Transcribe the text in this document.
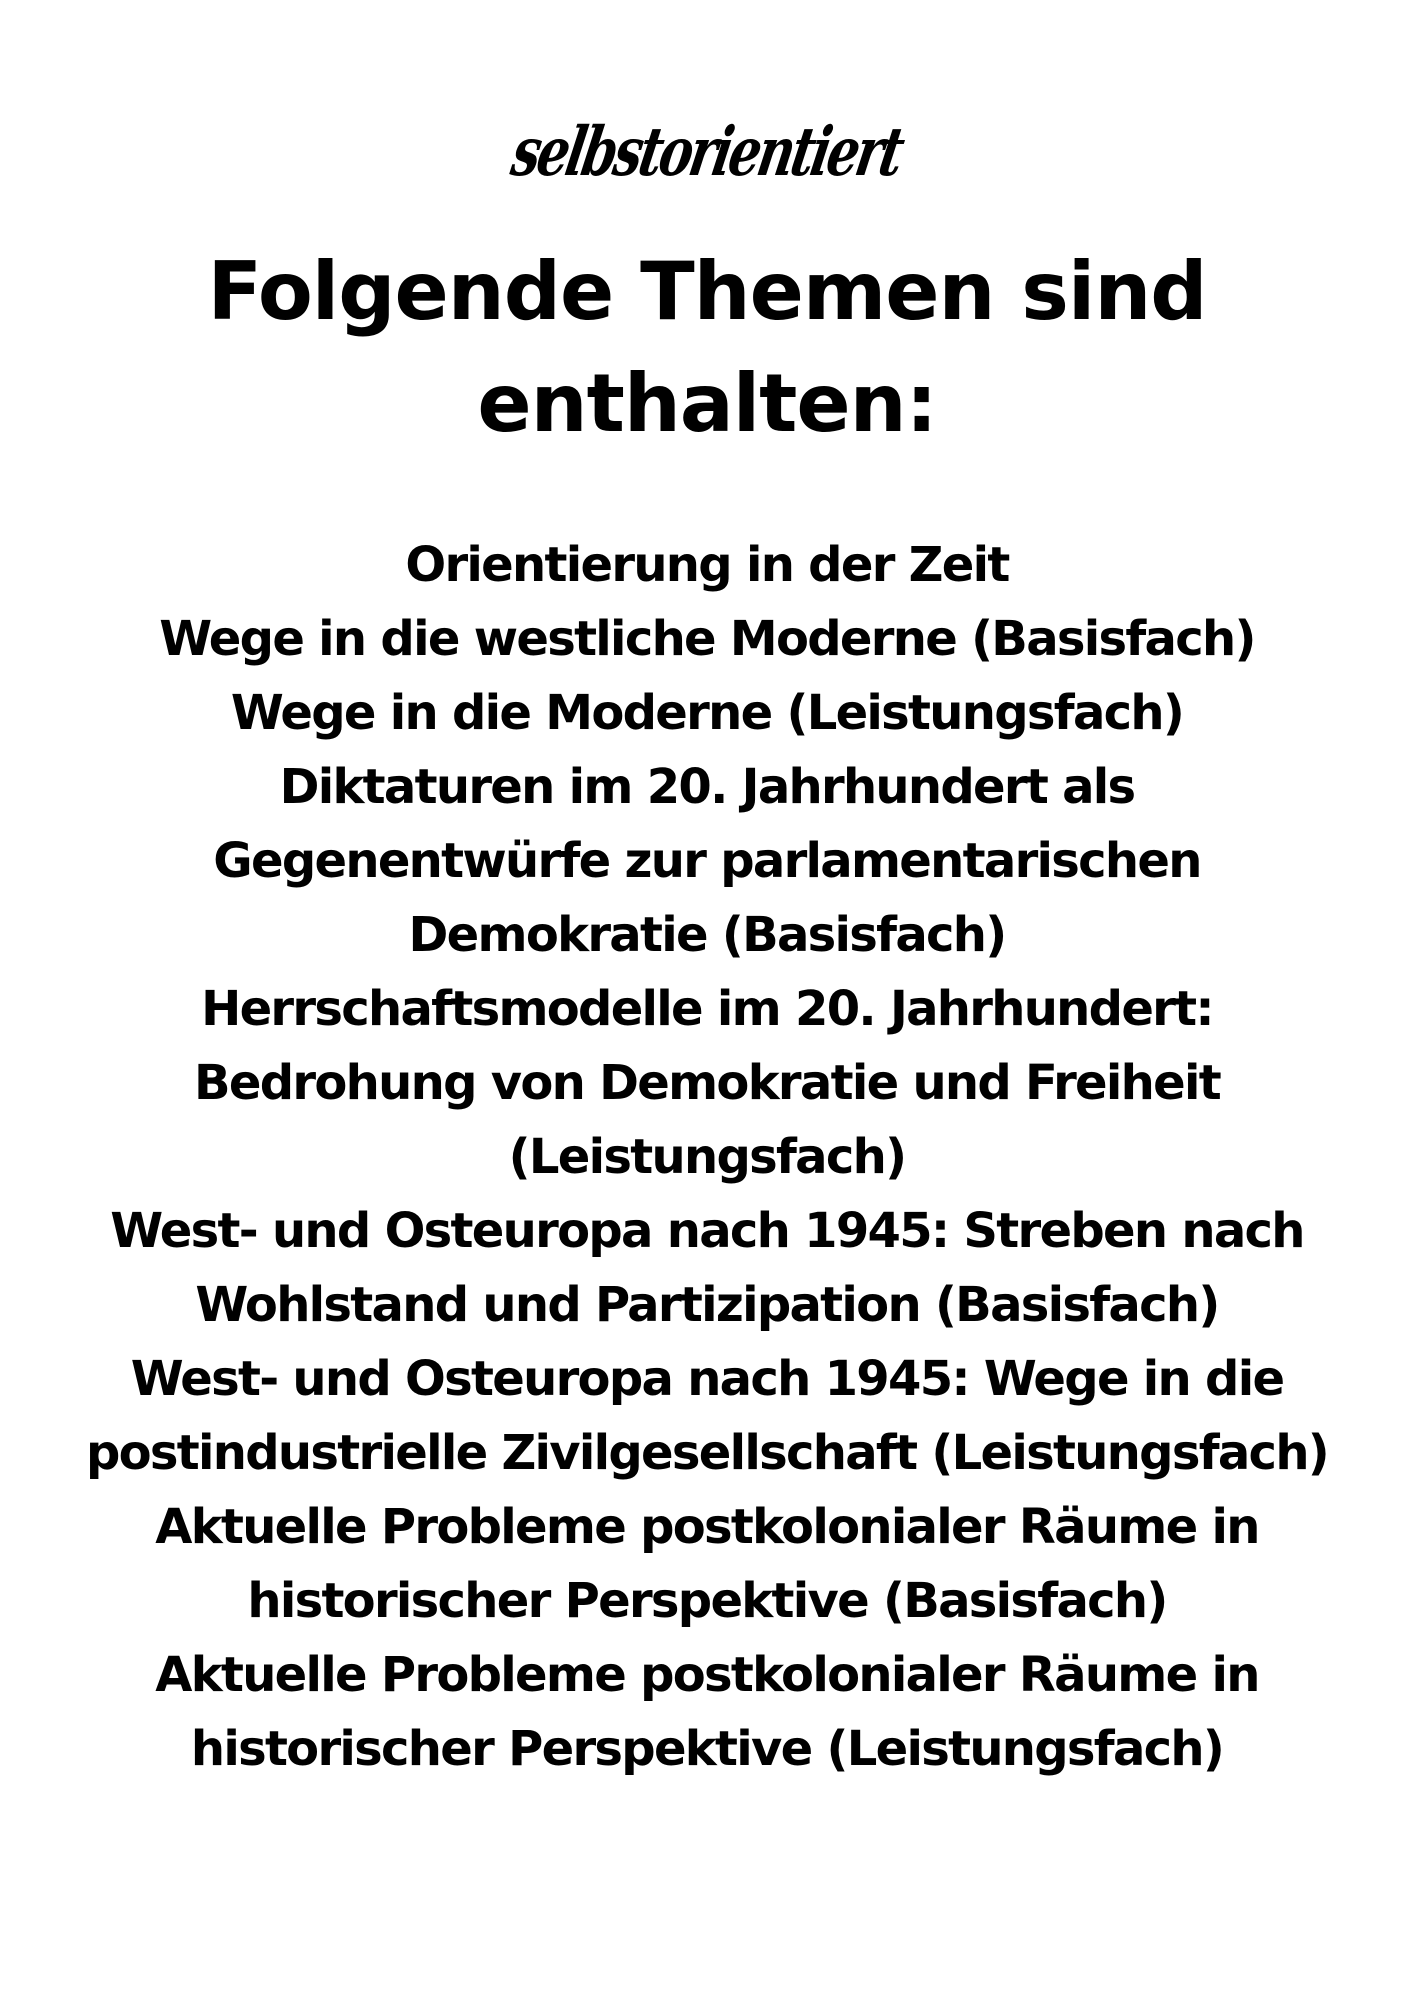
selbstorientiert
Folgende Themen sind
enthalten:
Orientierung in der Zeit
Wege in die westliche Moderne (Basisfach)
Wege in die Moderne (Leistungsfach)
Diktaturen im 20. Jahrhundert als
Gegenentwürfe zur parlamentarischen
Demokratie (Basisfach)
Herrschaftsmodelle im 20. Jahrhundert:
Bedrohung von Demokratie und Freiheit
(Leistungsfach)
West- und Osteuropa nach 1945: Streben nach
Wohlstand und Partizipation (Basisfach)
West- und Osteuropa nach 1945: Wege in die
postindustrielle Zivilgesellschaft (Leistungsfach)
Aktuelle Probleme postkolonialer Räume in
historischer Perspektive (Basisfach)
Aktuelle Probleme postkolonialer Räume in
historischer Perspektive (Leistungsfach)
